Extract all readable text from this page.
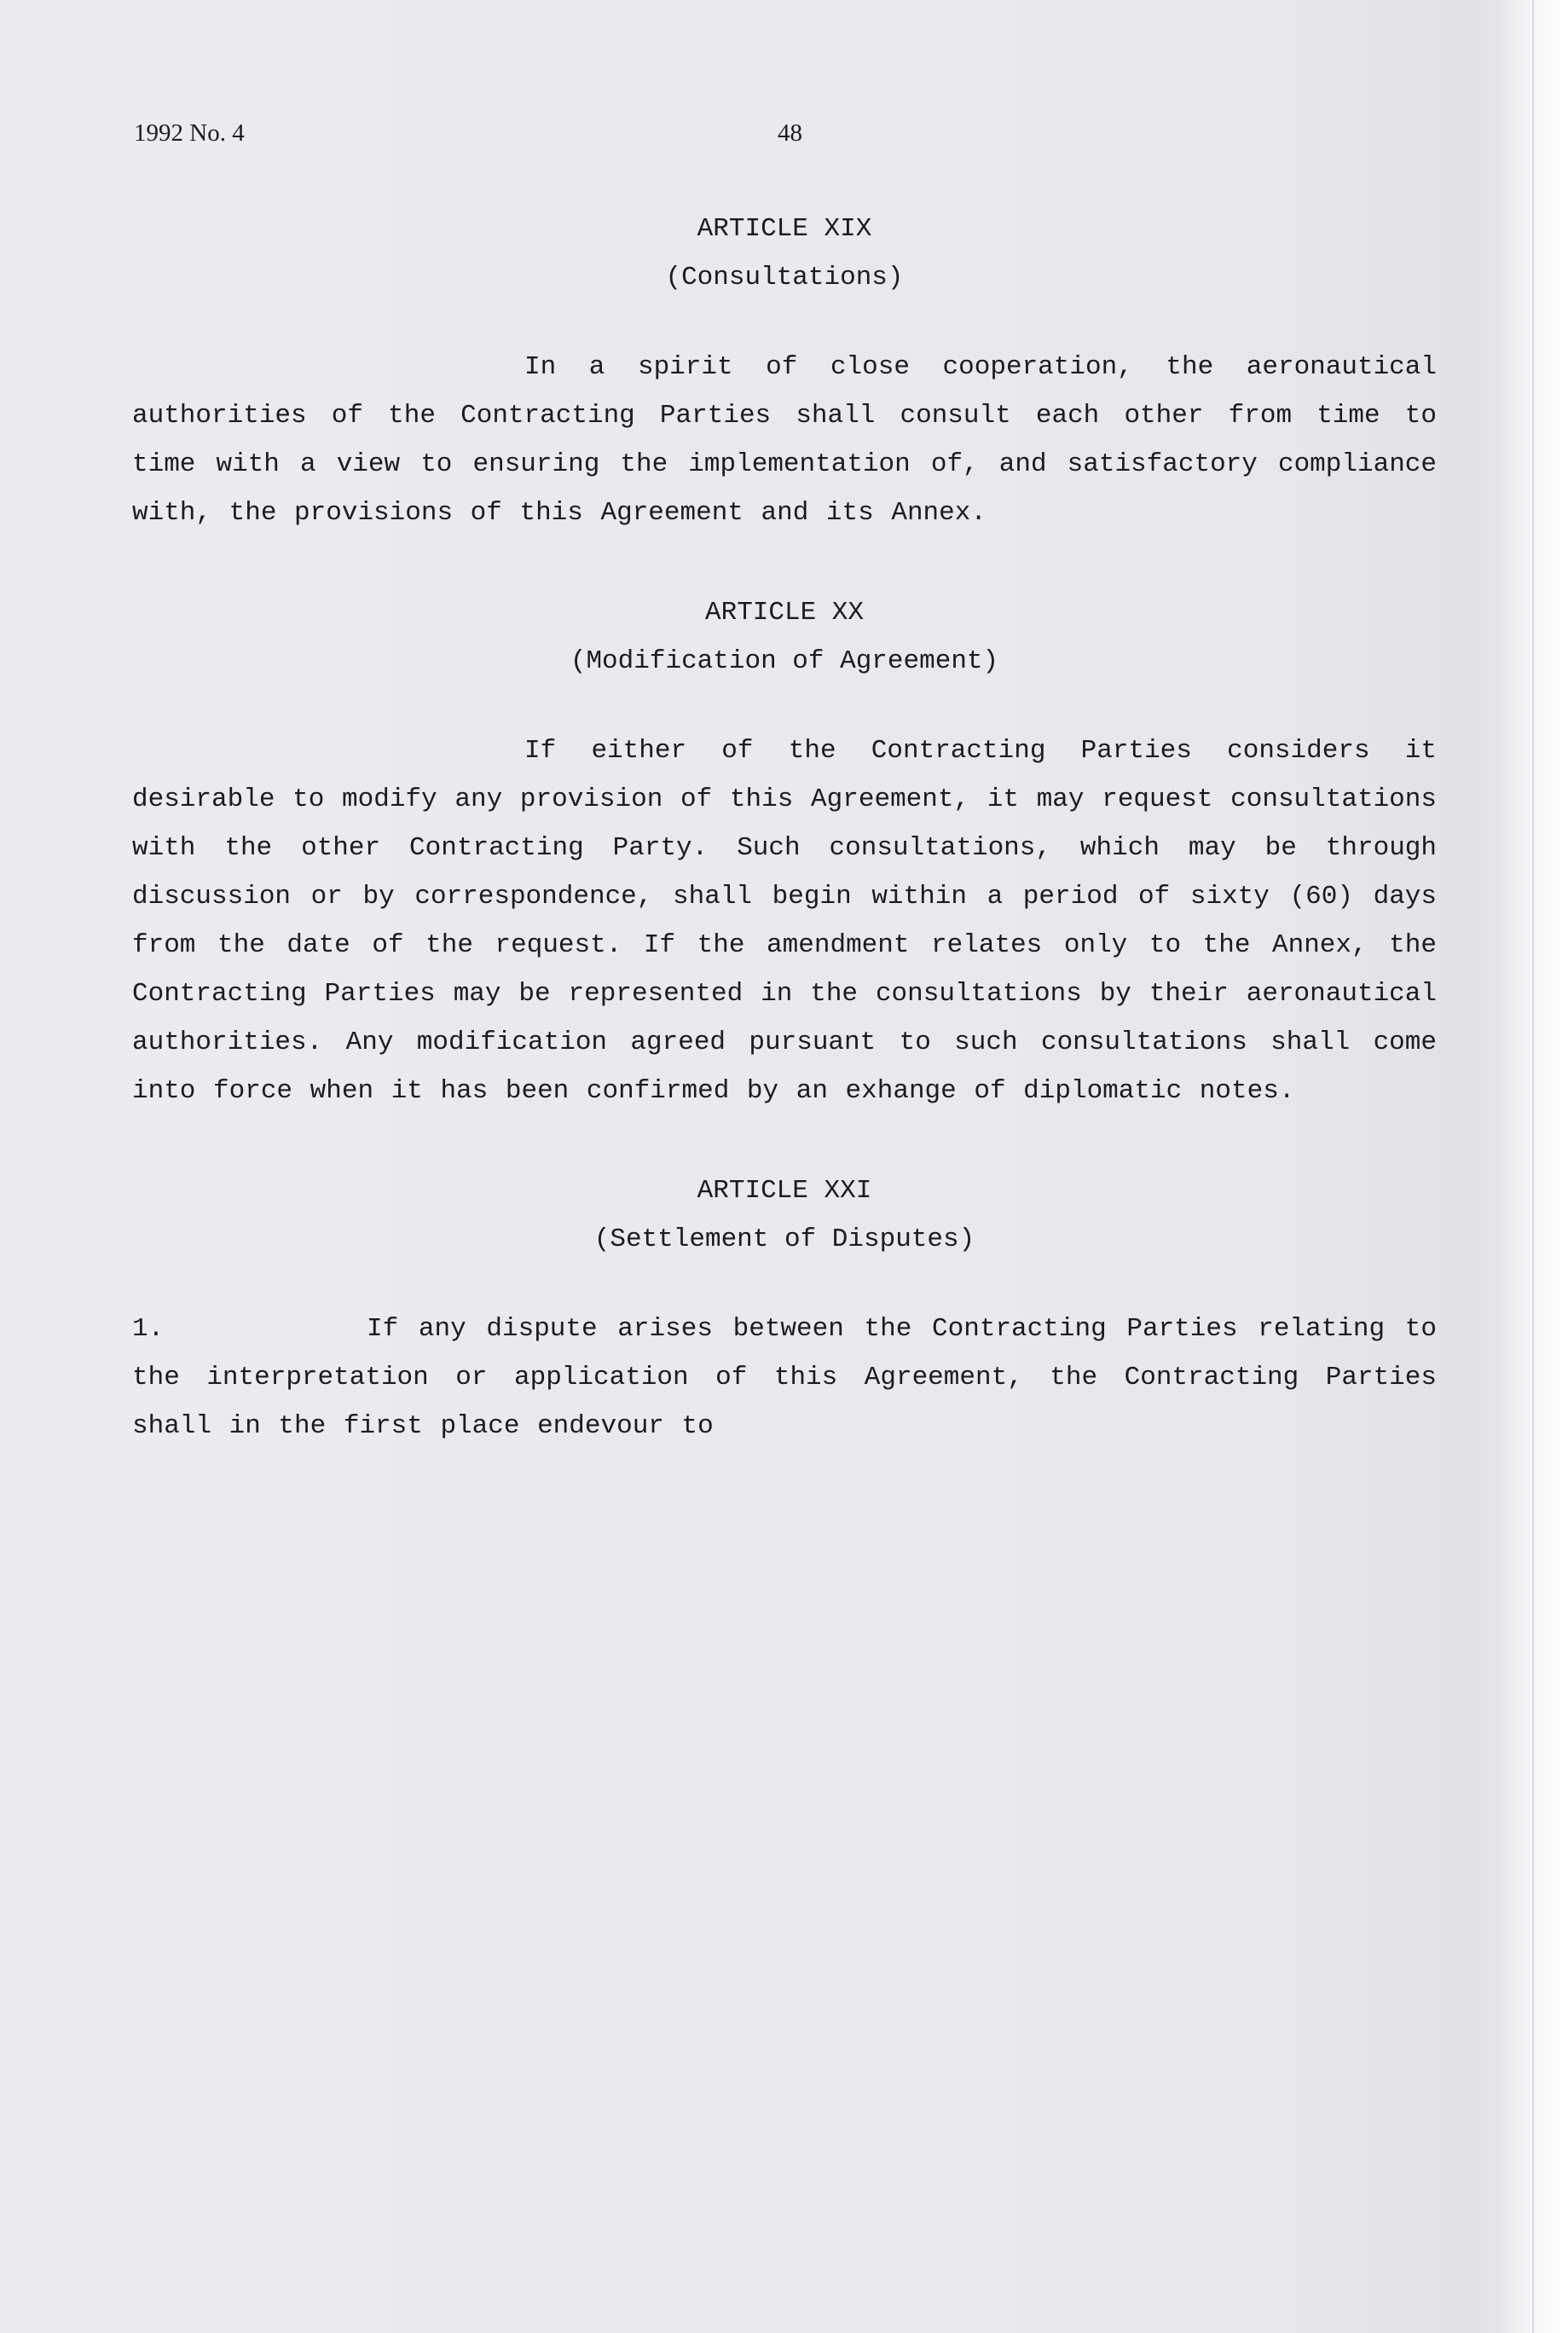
1992 No. 4	48
ARTICLE XIX
(Consultations)

In a spirit of close cooperation, the aeronautical authorities of the Contracting Parties shall consult each other from time to time with a view to ensuring the implementation of, and satisfactory compliance with, the provisions of this Agreement and its Annex.

ARTICLE XX
(Modification of Agreement)

If either of the Contracting Parties considers it desirable to modify any provision of this Agreement, it may request consultations with the other Contracting Party. Such consultations, which may be through discussion or by correspondence, shall begin within a period of sixty (60) days from the date of the request. If the amendment relates only to the Annex, the Contracting Parties may be represented in the consultations by their aeronautical authorities. Any modification agreed pursuant to such consultations shall come into force when it has been confirmed by an exhange of diplomatic notes.

ARTICLE XXI
(Settlement of Disputes)

1.	If any dispute arises between the Contracting Parties relating to the interpretation or application of this Agreement, the Contracting Parties shall in the first place endevour to
